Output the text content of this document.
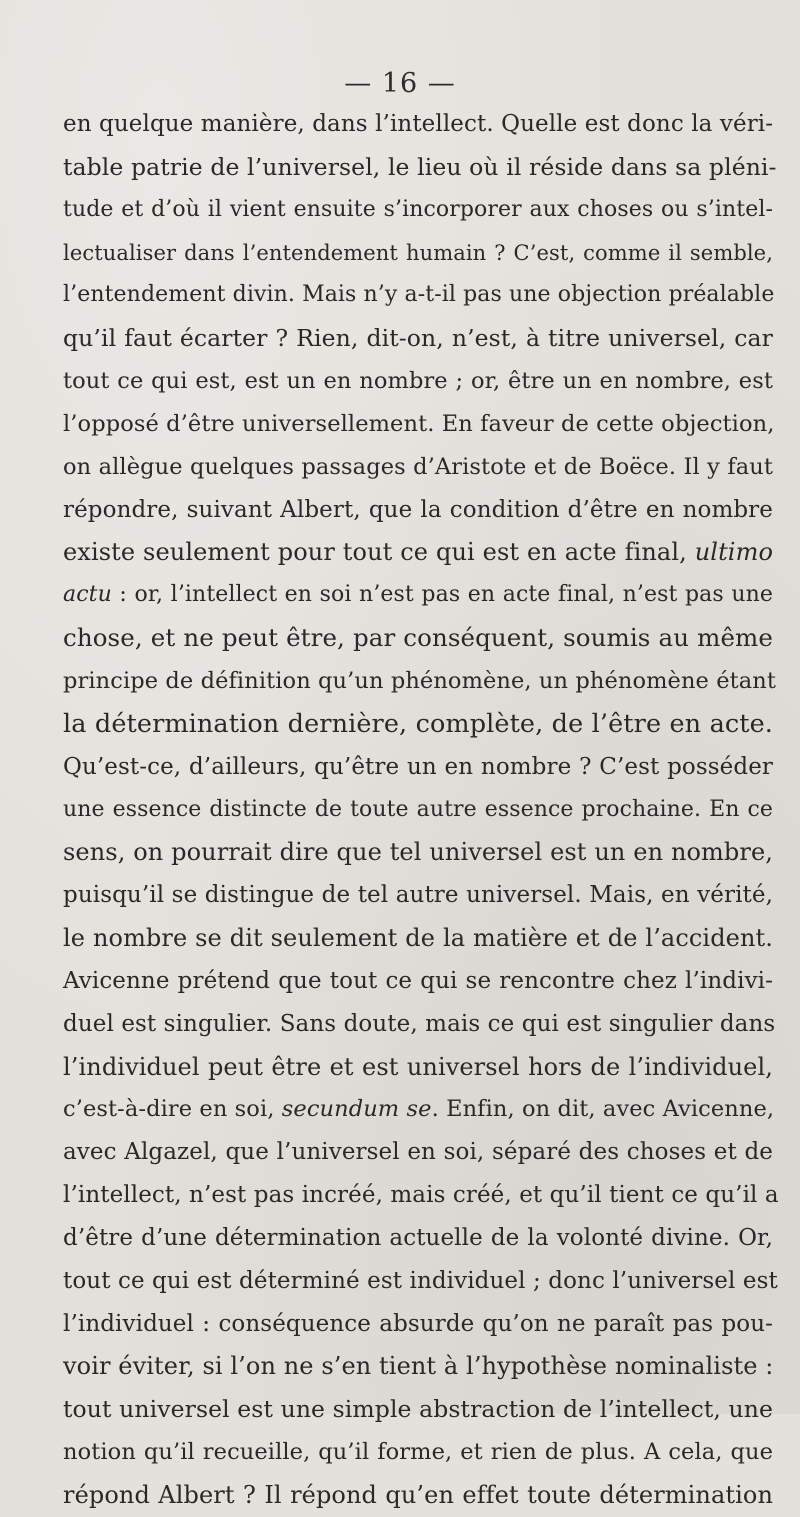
— 16 —
en quelque manière, dans l’intellect. Quelle est donc la véri-
table patrie de l’universel, le lieu où il réside dans sa pléni-
tude et d’où il vient ensuite s’incorporer aux choses ou s’intel-
lectualiser dans l’entendement humain ? C’est, comme il semble,
l’entendement divin. Mais n’y a-t-il pas une objection préalable
qu’il faut écarter ? Rien, dit-on, n’est, à titre universel, car
tout ce qui est, est un en nombre ; or, être un en nombre, est
l’opposé d’être universellement. En faveur de cette objection,
on allègue quelques passages d’Aristote et de Boëce. Il y faut
répondre, suivant Albert, que la condition d’être en nombre
existe seulement pour tout ce qui est en acte final, ultimo
actu : or, l’intellect en soi n’est pas en acte final, n’est pas une
chose, et ne peut être, par conséquent, soumis au même
principe de définition qu’un phénomène, un phénomène étant
la détermination dernière, complète, de l’être en acte.
Qu’est-ce, d’ailleurs, qu’être un en nombre ? C’est posséder
une essence distincte de toute autre essence prochaine. En ce
sens, on pourrait dire que tel universel est un en nombre,
puisqu’il se distingue de tel autre universel. Mais, en vérité,
le nombre se dit seulement de la matière et de l’accident.
Avicenne prétend que tout ce qui se rencontre chez l’indivi-
duel est singulier. Sans doute, mais ce qui est singulier dans
l’individuel peut être et est universel hors de l’individuel,
c’est-à-dire en soi, secundum se. Enfin, on dit, avec Avicenne,
avec Algazel, que l’universel en soi, séparé des choses et de
l’intellect, n’est pas incréé, mais créé, et qu’il tient ce qu’il a
d’être d’une détermination actuelle de la volonté divine. Or,
tout ce qui est déterminé est individuel ; donc l’universel est
l’individuel : conséquence absurde qu’on ne paraît pas pou-
voir éviter, si l’on ne s’en tient à l’hypothèse nominaliste :
tout universel est une simple abstraction de l’intellect, une
notion qu’il recueille, qu’il forme, et rien de plus. A cela, que
répond Albert ? Il répond qu’en effet toute détermination
